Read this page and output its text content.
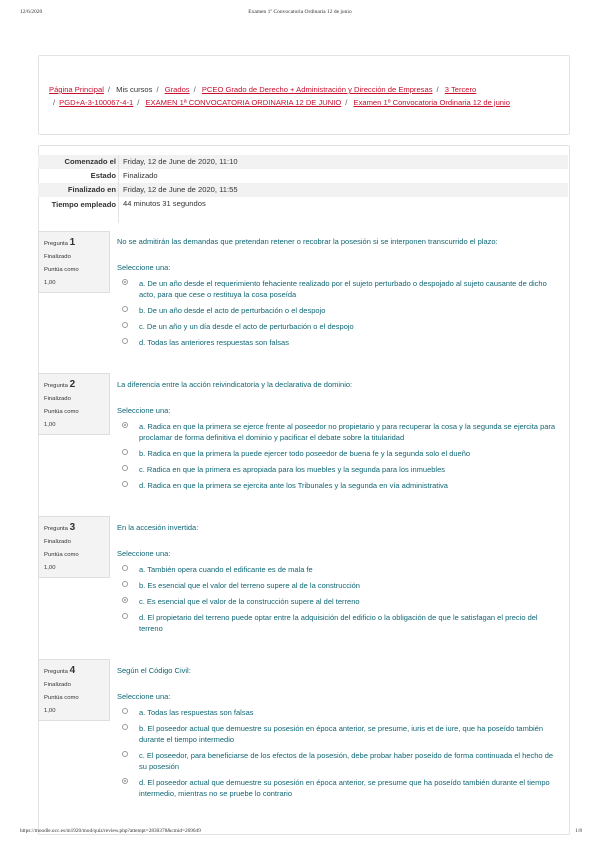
12/6/2020	Examen 1º Convocatoria Ordinaria 12 de junio
Página Principal / Mis cursos / Grados / PCEO Grado de Derecho + Administración y Dirección de Empresas / 3 Tercero
/ PGD+A-3-100067-4-1 / EXAMEN 1ª CONVOCATORIA ORDINARIA 12 DE JUNIO / Examen 1º Convocatoria Ordinaria 12 de junio
Comenzado el Friday, 12 de June de 2020, 11:10
Estado Finalizado
Finalizado en Friday, 12 de June de 2020, 11:55
Tiempo empleado 44 minutos 31 segundos
Pregunta 1
Finalizado
Puntúa como
1,00
No se admitirán las demandas que pretendan retener o recobrar la posesión si se interponen transcurrido el plazo:
Seleccione una:
a. De un año desde el requerimiento fehaciente realizado por el sujeto perturbado o despojado al sujeto causante de dicho acto, para que cese o restituya la cosa poseída
b. De un año desde el acto de perturbación o el despojo
c. De un año y un día desde el acto de perturbación o el despojo
d. Todas las anteriores respuestas son falsas
Pregunta 2
Finalizado
Puntúa como
1,00
La diferencia entre la acción reivindicatoria y la declarativa de dominio:
Seleccione una:
a. Radica en que la primera se ejerce frente al poseedor no propietario y para recuperar la cosa y la segunda se ejercita para proclamar de forma definitiva el dominio y pacificar el debate sobre la titularidad
b. Radica en que la primera la puede ejercer todo poseedor de buena fe y la segunda solo el dueño
c. Radica en que la primera es apropiada para los muebles y la segunda para los inmuebles
d. Radica en que la primera se ejercita ante los Tribunales y la segunda en vía administrativa
Pregunta 3
Finalizado
Puntúa como
1,00
En la accesión invertida:
Seleccione una:
a. También opera cuando el edificante es de mala fe
b. Es esencial que el valor del terreno supere al de la construcción
c. Es esencial que el valor de la construcción supere al del terreno
d. El propietario del terreno puede optar entre la adquisición del edificio o la obligación de que le satisfagan el precio del terreno
Pregunta 4
Finalizado
Puntúa como
1,00
Según el Código Civil:
Seleccione una:
a. Todas las respuestas son falsas
b. El poseedor actual que demuestre su posesión en época anterior, se presume, iuris et de iure, que ha poseído también durante el tiempo intermedio
c. El poseedor, para beneficiarse de los efectos de la posesión, debe probar haber poseído de forma continuada el hecho de su posesión
d. El poseedor actual que demuestre su posesión en época anterior, se presume que ha poseído también durante el tiempo intermedio, mientras no se pruebe lo contrario
https://moodle.ucc.es/m1920/mod/quiz/review.php?attempt=2830378&cmid=269049	1/8
